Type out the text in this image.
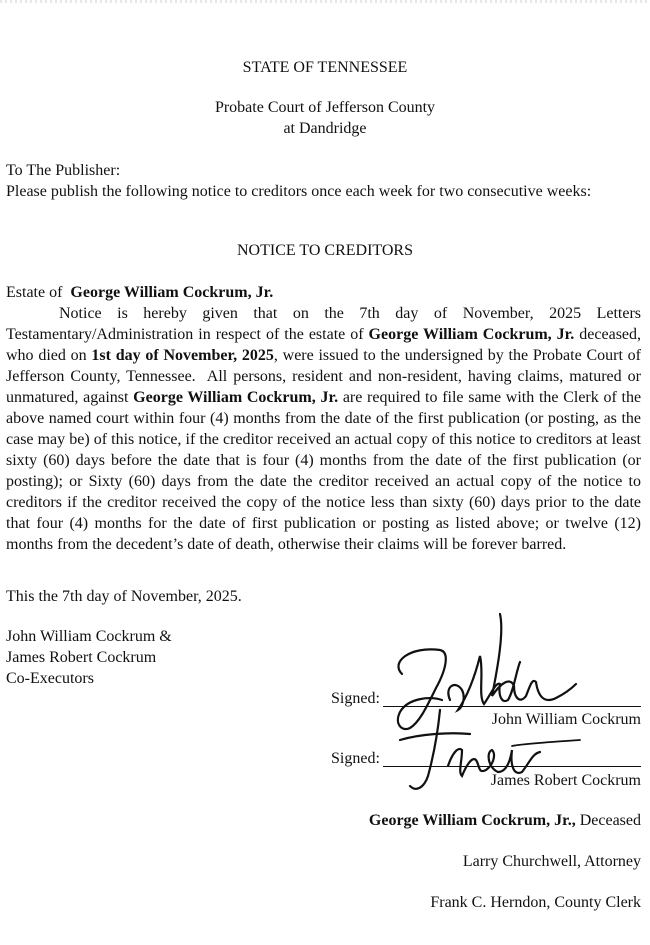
STATE OF TENNESSEE
Probate Court of Jefferson County
at Dandridge
To The Publisher:
Please publish the following notice to creditors once each week for two consecutive weeks:
NOTICE TO CREDITORS
Estate of George William Cockrum, Jr.
Notice is hereby given that on the 7th day of November, 2025 Letters Testamentary/Administration in respect of the estate of George William Cockrum, Jr. deceased, who died on 1st day of November, 2025, were issued to the undersigned by the Probate Court of Jefferson County, Tennessee.  All persons, resident and non-resident, having claims, matured or unmatured, against George William Cockrum, Jr. are required to file same with the Clerk of the above named court within four (4) months from the date of the first publication (or posting, as the case may be) of this notice, if the creditor received an actual copy of this notice to creditors at least sixty (60) days before the date that is four (4) months from the date of the first publication (or posting); or Sixty (60) days from the date the creditor received an actual copy of the notice to creditors if the creditor received the copy of the notice less than sixty (60) days prior to the date that four (4) months for the date of first publication or posting as listed above; or twelve (12) months from the decedent’s date of death, otherwise their claims will be forever barred.
This the 7th day of November, 2025.
John William Cockrum &
James Robert Cockrum
Co-Executors
Signed:
John William Cockrum
Signed:
James Robert Cockrum
George William Cockrum, Jr., Deceased
Larry Churchwell, Attorney
Frank C. Herndon, County Clerk
